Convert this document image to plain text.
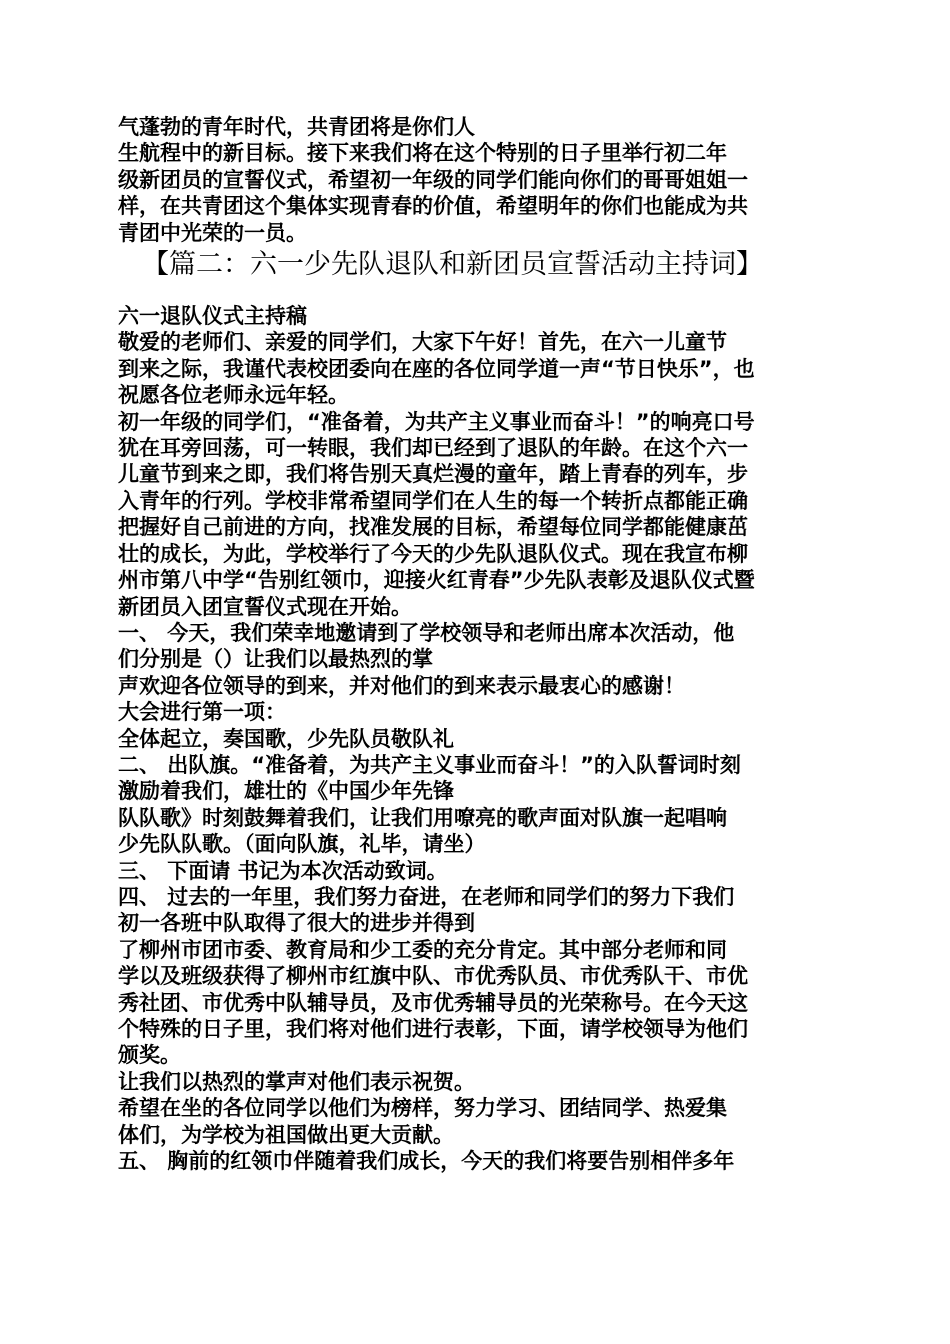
气蓬勃的青年时代，共青团将是你们人
生航程中的新目标。接下来我们将在这个特别的日子里举行初二年
级新团员的宣誓仪式，希望初一年级的同学们能向你们的哥哥姐姐一
样，在共青团这个集体实现青春的价值，希望明年的你们也能成为共
青团中光荣的一员。
【篇二：六一少先队退队和新团员宣誓活动主持词】
六一退队仪式主持稿
敬爱的老师们、亲爱的同学们，大家下午好！首先，在六一儿童节
到来之际，我谨代表校团委向在座的各位同学道一声“节日快乐”，也
祝愿各位老师永远年轻。
初一年级的同学们，“准备着，为共产主义事业而奋斗！”的响亮口号
犹在耳旁回荡，可一转眼，我们却已经到了退队的年龄。在这个六一
儿童节到来之即，我们将告别天真烂漫的童年，踏上青春的列车，步
入青年的行列。学校非常希望同学们在人生的每一个转折点都能正确
把握好自己前进的方向，找准发展的目标，希望每位同学都能健康茁
壮的成长，为此，学校举行了今天的少先队退队仪式。现在我宣布柳
州市第八中学“告别红领巾，迎接火红青春”少先队表彰及退队仪式暨
新团员入团宣誓仪式现在开始。
一、 今天，我们荣幸地邀请到了学校领导和老师出席本次活动，他
们分别是（）让我们以最热烈的掌
声欢迎各位领导的到来，并对他们的到来表示最衷心的感谢！
大会进行第一项：
全体起立，奏国歌，少先队员敬队礼
二、 出队旗。“准备着，为共产主义事业而奋斗！”的入队誓词时刻
激励着我们，雄壮的《中国少年先锋
队队歌》时刻鼓舞着我们，让我们用嘹亮的歌声面对队旗一起唱响
少先队队歌。（面向队旗，礼毕，请坐）
三、 下面请 书记为本次活动致词。
四、 过去的一年里，我们努力奋进，在老师和同学们的努力下我们
初一各班中队取得了很大的进步并得到
了柳州市团市委、教育局和少工委的充分肯定。其中部分老师和同
学以及班级获得了柳州市红旗中队、市优秀队员、市优秀队干、市优
秀社团、市优秀中队辅导员，及市优秀辅导员的光荣称号。在今天这
个特殊的日子里，我们将对他们进行表彰，下面，请学校领导为他们
颁奖。
让我们以热烈的掌声对他们表示祝贺。
希望在坐的各位同学以他们为榜样，努力学习、团结同学、热爱集
体们，为学校为祖国做出更大贡献。
五、 胸前的红领巾伴随着我们成长，今天的我们将要告别相伴多年
